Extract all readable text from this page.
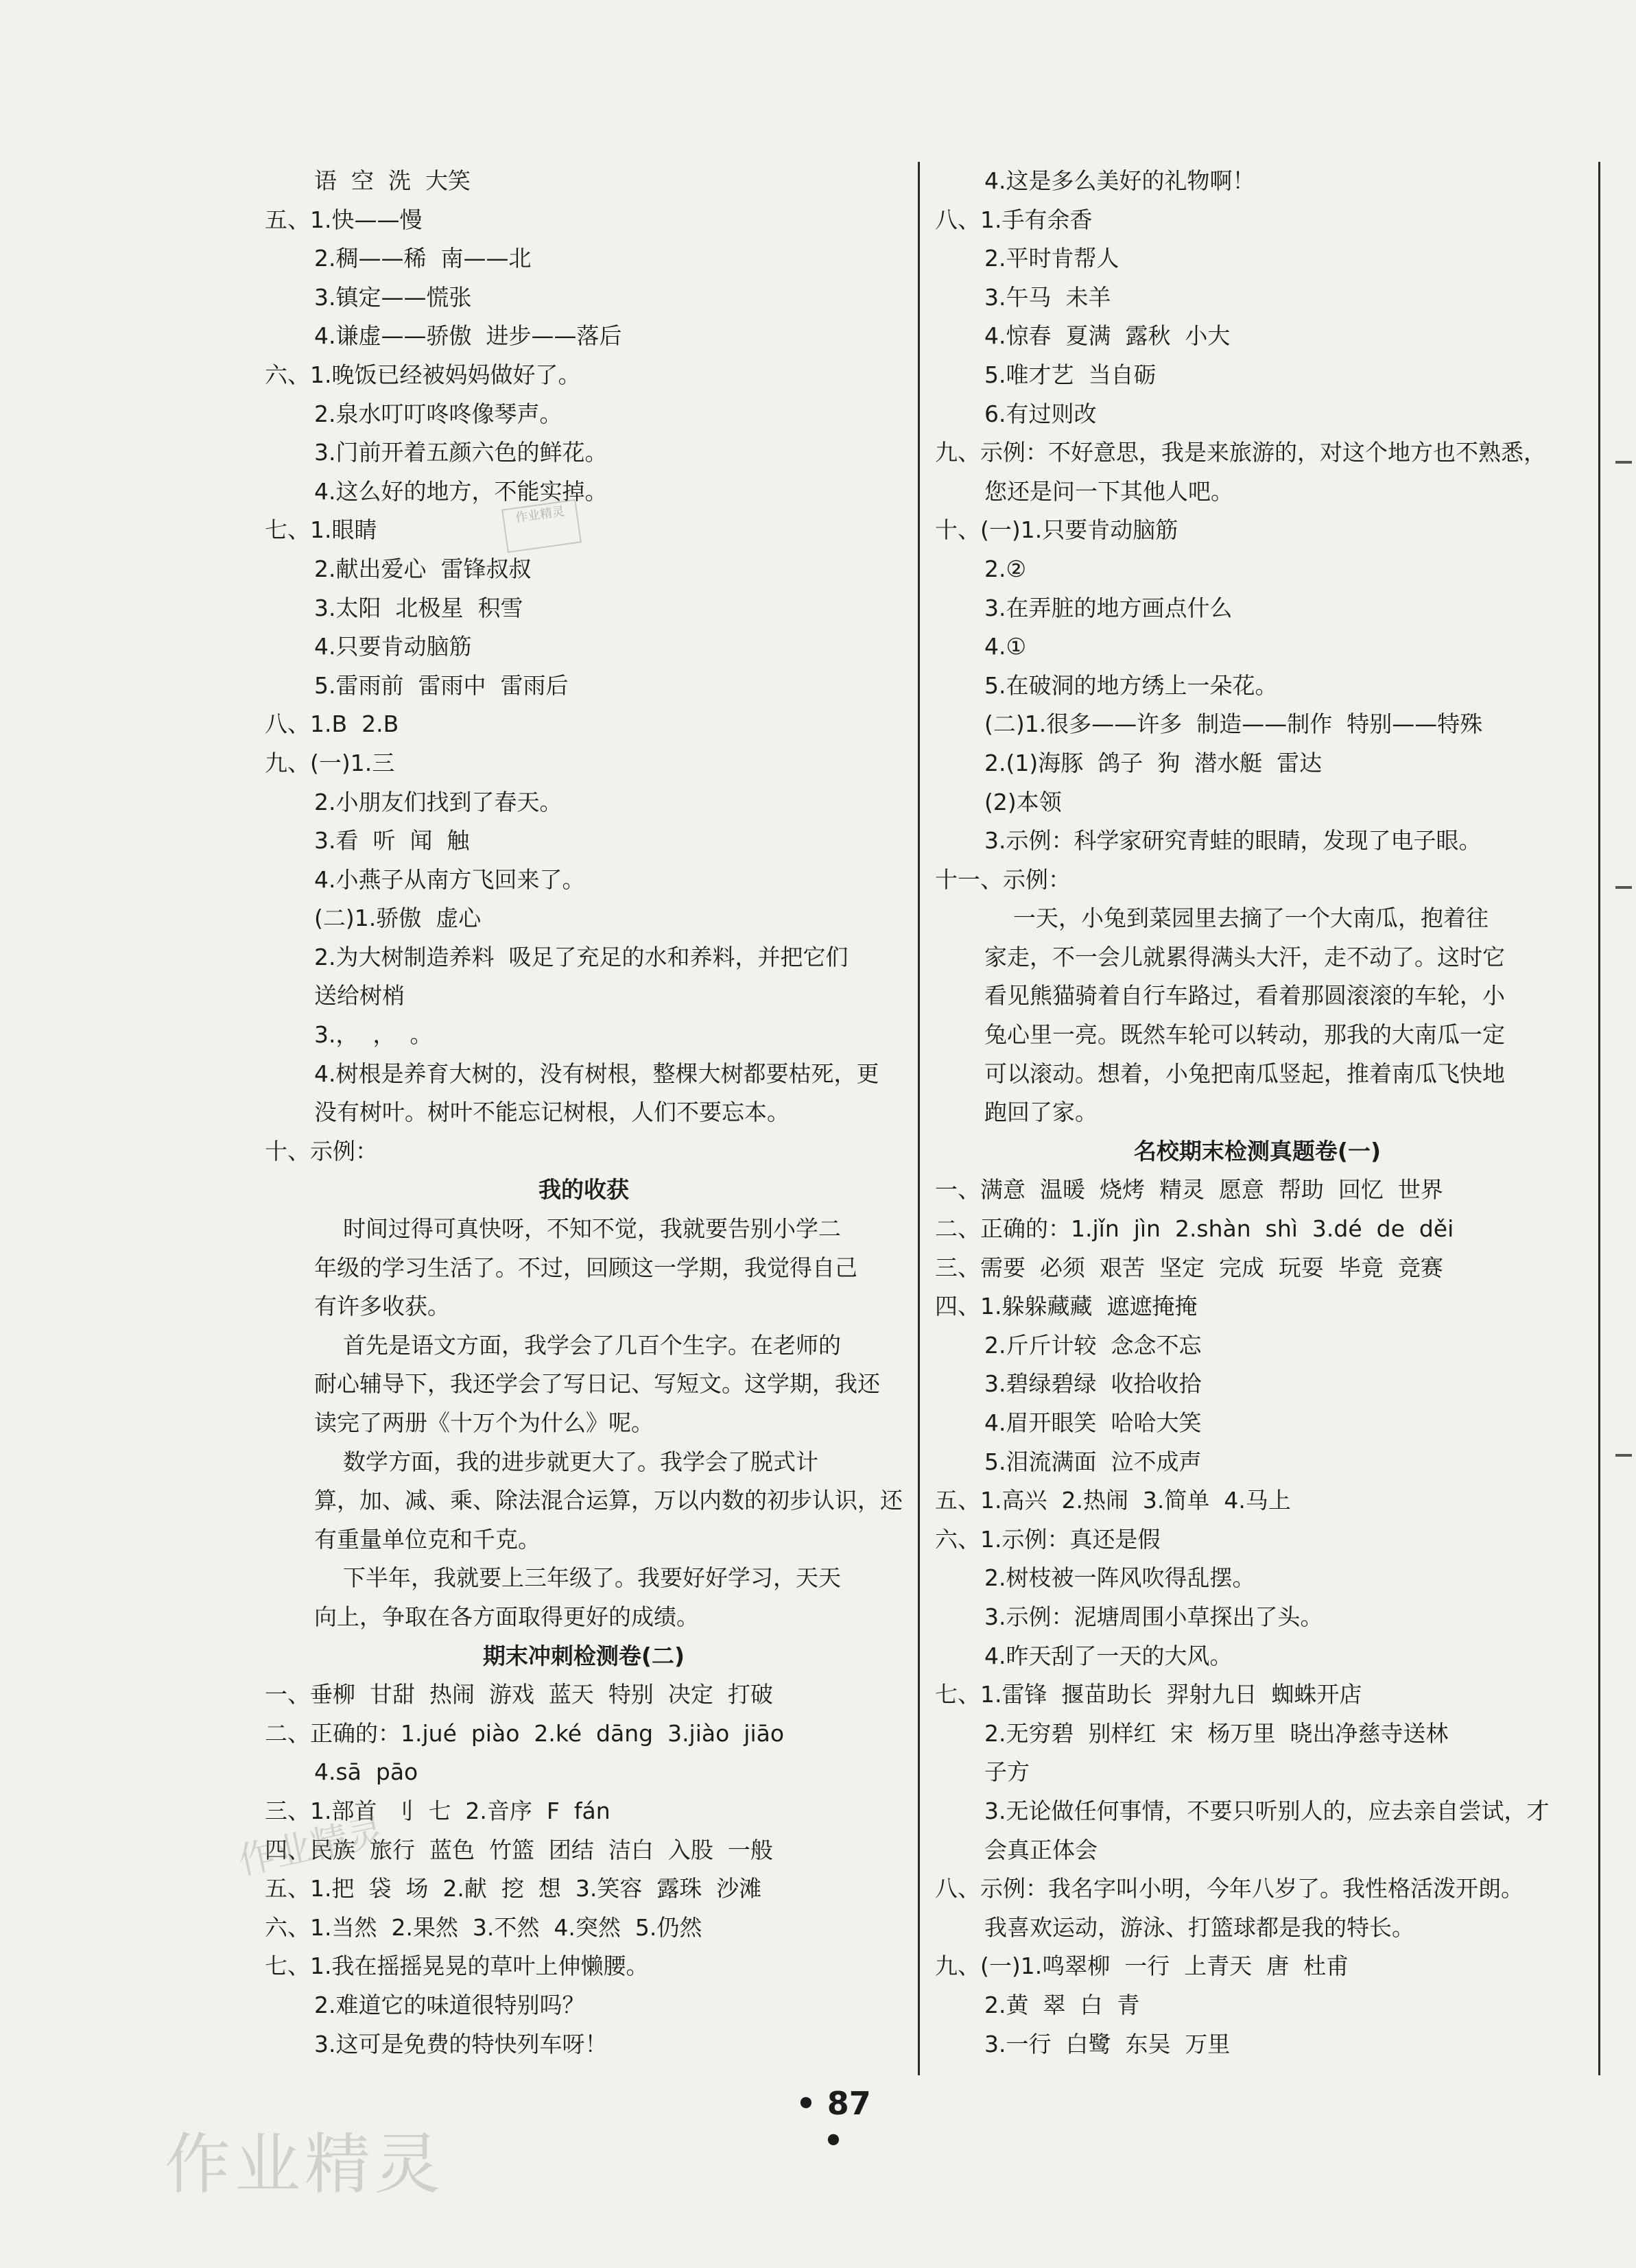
语  空  洗  大笑
五、1.快——慢
2.稠——稀  南——北
3.镇定——慌张
4.谦虚——骄傲  进步——落后
六、1.晚饭已经被妈妈做好了。
2.泉水叮叮咚咚像琴声。
3.门前开着五颜六色的鲜花。
4.这么好的地方，不能实掉。
七、1.眼睛
2.献出爱心  雷锋叔叔
3.太阳  北极星  积雪
4.只要肯动脑筋
5.雷雨前  雷雨中  雷雨后
八、1.B  2.B
九、(一)1.三
2.小朋友们找到了春天。
3.看  听  闻  触
4.小燕子从南方飞回来了。
(二)1.骄傲  虚心
2.为大树制造养料  吸足了充足的水和养料，并把它们
送给树梢
3.，  ，  。
4.树根是养育大树的，没有树根，整棵大树都要枯死，更
没有树叶。树叶不能忘记树根，人们不要忘本。
十、示例：
我的收获
时间过得可真快呀，不知不觉，我就要告别小学二
年级的学习生活了。不过，回顾这一学期，我觉得自己
有许多收获。
首先是语文方面，我学会了几百个生字。在老师的
耐心辅导下，我还学会了写日记、写短文。这学期，我还
读完了两册《十万个为什么》呢。
数学方面，我的进步就更大了。我学会了脱式计
算，加、减、乘、除法混合运算，万以内数的初步认识，还
有重量单位克和千克。
下半年，我就要上三年级了。我要好好学习，天天
向上，争取在各方面取得更好的成绩。
期末冲刺检测卷(二)
一、垂柳  甘甜  热闹  游戏  蓝天  特别  决定  打破
二、正确的：1.jué  piào  2.ké  dāng  3.jiào  jiāo
4.sā  pāo
三、1.部首  刂  七  2.音序  F  fán
四、民族  旅行  蓝色  竹篮  团结  洁白  入股  一般
五、1.把  袋  场  2.献  挖  想  3.笑容  露珠  沙滩
六、1.当然  2.果然  3.不然  4.突然  5.仍然
七、1.我在摇摇晃晃的草叶上伸懒腰。
2.难道它的味道很特别吗？
3.这可是免费的特快列车呀！
4.这是多么美好的礼物啊！
八、1.手有余香
2.平时肯帮人
3.午马  未羊
4.惊春  夏满  露秋  小大
5.唯才艺  当自砺
6.有过则改
九、示例：不好意思，我是来旅游的，对这个地方也不熟悉，
您还是问一下其他人吧。
十、(一)1.只要肯动脑筋
2.②
3.在弄脏的地方画点什么
4.①
5.在破洞的地方绣上一朵花。
(二)1.很多——许多  制造——制作  特别——特殊
2.(1)海豚  鸽子  狗  潜水艇  雷达
(2)本领
3.示例：科学家研究青蛙的眼睛，发现了电子眼。
十一、示例：
一天，小兔到菜园里去摘了一个大南瓜，抱着往
家走，不一会儿就累得满头大汗，走不动了。这时它
看见熊猫骑着自行车路过，看着那圆滚滚的车轮，小
兔心里一亮。既然车轮可以转动，那我的大南瓜一定
可以滚动。想着，小兔把南瓜竖起，推着南瓜飞快地
跑回了家。
名校期末检测真题卷(一)
一、满意  温暖  烧烤  精灵  愿意  帮助  回忆  世界
二、正确的：1.jǐn  jìn  2.shàn  shì  3.dé  de  děi
三、需要  必须  艰苦  坚定  完成  玩耍  毕竟  竞赛
四、1.躲躲藏藏  遮遮掩掩
2.斤斤计较  念念不忘
3.碧绿碧绿  收拾收拾
4.眉开眼笑  哈哈大笑
5.泪流满面  泣不成声
五、1.高兴  2.热闹  3.简单  4.马上
六、1.示例：真还是假
2.树枝被一阵风吹得乱摆。
3.示例：泥塘周围小草探出了头。
4.昨天刮了一天的大风。
七、1.雷锋  揠苗助长  羿射九日  蜘蛛开店
2.无穷碧  别样红  宋  杨万里  晓出净慈寺送林
子方
3.无论做任何事情，不要只听别人的，应去亲自尝试，才
会真正体会
八、示例：我名字叫小明，今年八岁了。我性格活泼开朗。
我喜欢运动，游泳、打篮球都是我的特长。
九、(一)1.鸣翠柳  一行  上青天  唐  杜甫
2.黄  翠  白  青
3.一行  白鹭  东吴  万里
作业精灵
作业精灵
作业精灵
• 87 •
